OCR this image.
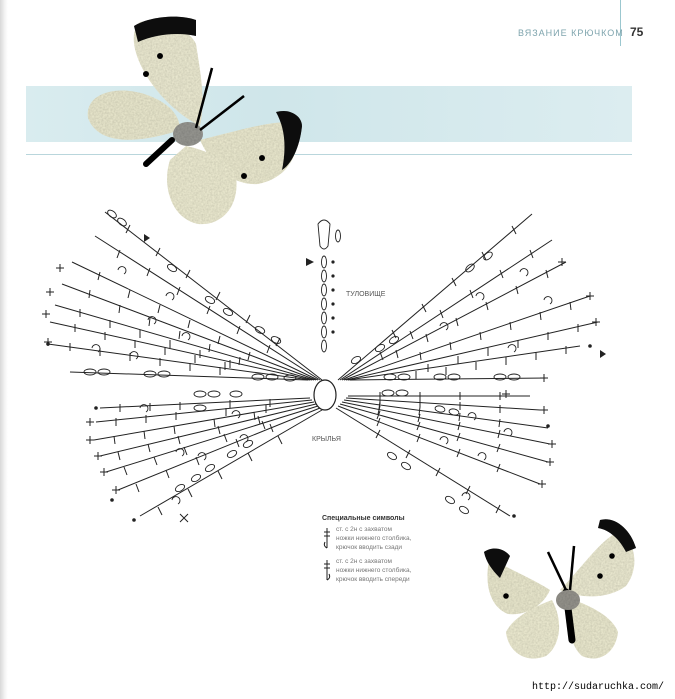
ВЯЗАНИЕ КРЮЧКОМ 75
ТУЛОВИЩЕ
КРЫЛЬЯ
Специальные символы
ст. с 2н с захватом
ножки нижнего столбика,
крючок вводить сзади
ст. с 2н с захватом
ножки нижнего столбика,
крючок вводить спереди
http://sudaruchka.com/
